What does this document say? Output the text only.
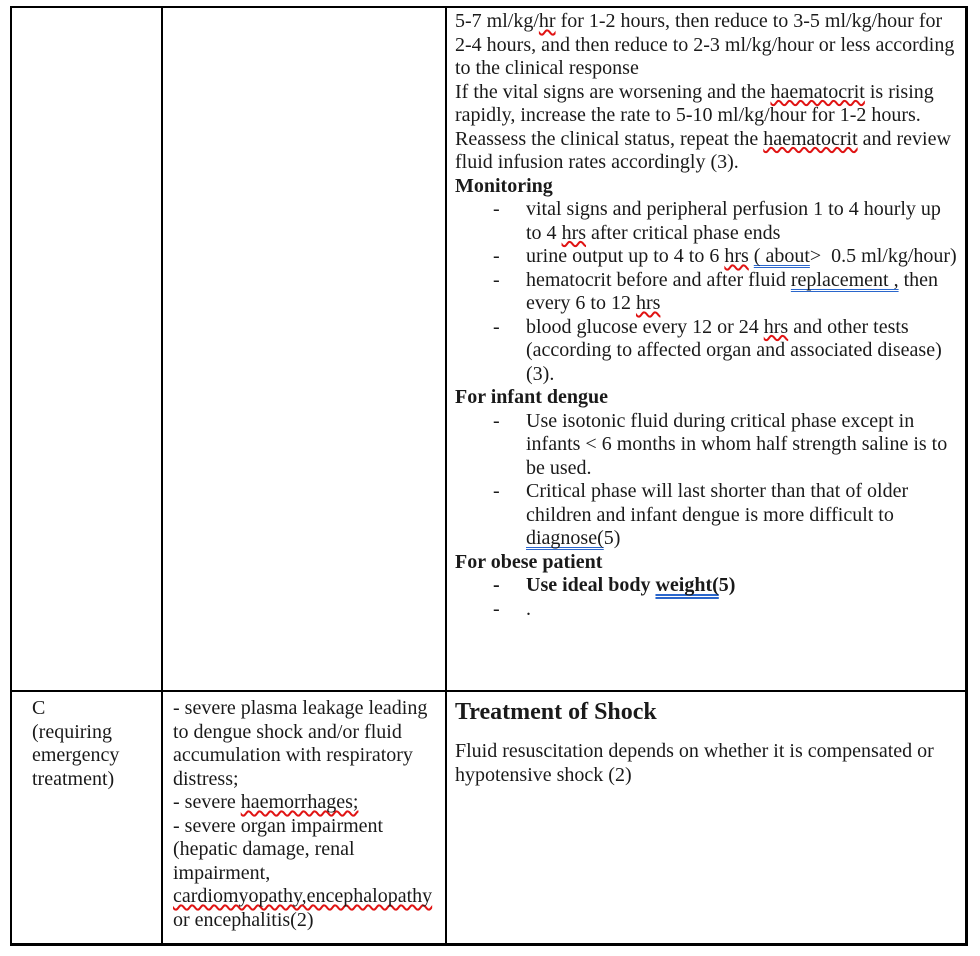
5-7 ml/kg/hr for 1-2 hours, then reduce to 3-5 ml/kg/hour for 2-4 hours, and then reduce to 2-3 ml/kg/hour or less according to the clinical response
If the vital signs are worsening and the haematocrit is rising rapidly, increase the rate to 5-10 ml/kg/hour for 1-2 hours. Reassess the clinical status, repeat the haematocrit and review fluid infusion rates accordingly (3).
Monitoring
- vital signs and peripheral perfusion 1 to 4 hourly up to 4 hrs after critical phase ends
- urine output up to 4 to 6 hrs ( about>  0.5 ml/kg/hour)
- hematocrit before and after fluid replacement , then every 6 to 12 hrs
- blood glucose every 12 or 24 hrs and other tests (according to affected organ and associated disease) (3).
For infant dengue
- Use isotonic fluid during critical phase except in infants < 6 months in whom half strength saline is to be used.
- Critical phase will last shorter than that of older children and infant dengue is more difficult to diagnose(5)
For obese patient
- Use ideal body weight(5)
- .
C
(requiring
emergency
treatment)
- severe plasma leakage leading to dengue shock and/or fluid accumulation with respiratory distress;
- severe haemorrhages;
- severe organ impairment (hepatic damage, renal impairment, cardiomyopathy,encephalopathy or encephalitis(2)
Treatment of Shock
Fluid resuscitation depends on whether it is compensated or hypotensive shock (2)
